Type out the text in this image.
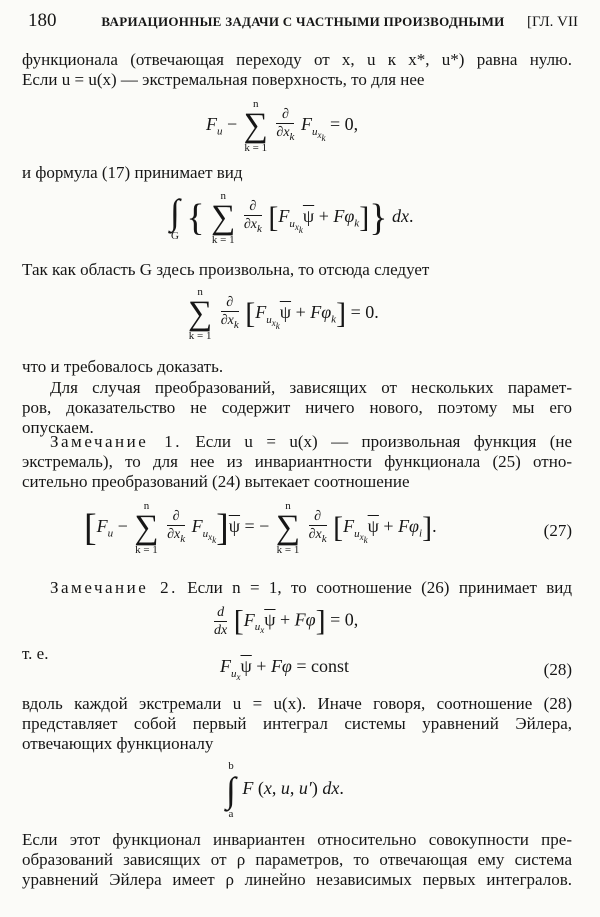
180	ВАРИАЦИОННЫЕ ЗАДАЧИ С ЧАСТНЫМИ ПРОИЗВОДНЫМИ	[ГЛ. VII
функционала (отвечающая переходу от x, u к x*, u*) равна нулю.
Если u = u(x) — экстремальная поверхность, то для нее
$F_u - n$
∑
k = 1
$\frac{\partial}{\partial x_k} F_{u_{x_k}} = 0$,
и формула (17) принимает вид
∫
G { n
∑
k = 1
$\frac{\partial}{\partial x_k} [F_{u_{x_k}}\overline{\psi} + F\varphi_k]$} dx.
Так как область G здесь произвольна, то отсюда следует
n
∑
k = 1
$\frac{\partial}{\partial x_k} [F_{u_{x_k}}\overline{\psi} + F\varphi_k] = 0$.
что и требовалось доказать.
Для случая преобразований, зависящих от нескольких парамет-
ров, доказательство не содержит ничего нового, поэтому мы его
опускаем.
Замечание 1. Если u = u(x) — произвольная функция (не
экстремаль), то для нее из инвариантности функционала (25) отно-
сительно преобразований (24) вытекает соотношение
[$F_u - n$
∑
k = 1
$\frac{\partial}{\partial x_k} F_{u_{x_k}}]\overline{\psi}$ = − n
∑
k = 1
$\frac{\partial}{\partial x_k} [F_{u_{x_k}}\overline{\psi} + F\varphi_i]$.	(27)
Замечание 2. Если n = 1, то соотношение (26) принимает вид
$\frac{d}{dx} [F_{u_x}\overline{\psi} + F\varphi] = 0$,
т. е.
$F_{u_x}\overline{\psi} + F\varphi$ = const	(28)
вдоль каждой экстремали u = u(x). Иначе говоря, соотношение (28)
представляет собой первый интеграл системы уравнений Эйлера,
отвечающих функционалу
b
∫
a F (x, u, u′) dx.
Если этот функционал инвариантен относительно совокупности пре-
образований зависящих от ρ параметров, то отвечающая ему система
уравнений Эйлера имеет ρ линейно независимых первых интегралов.
